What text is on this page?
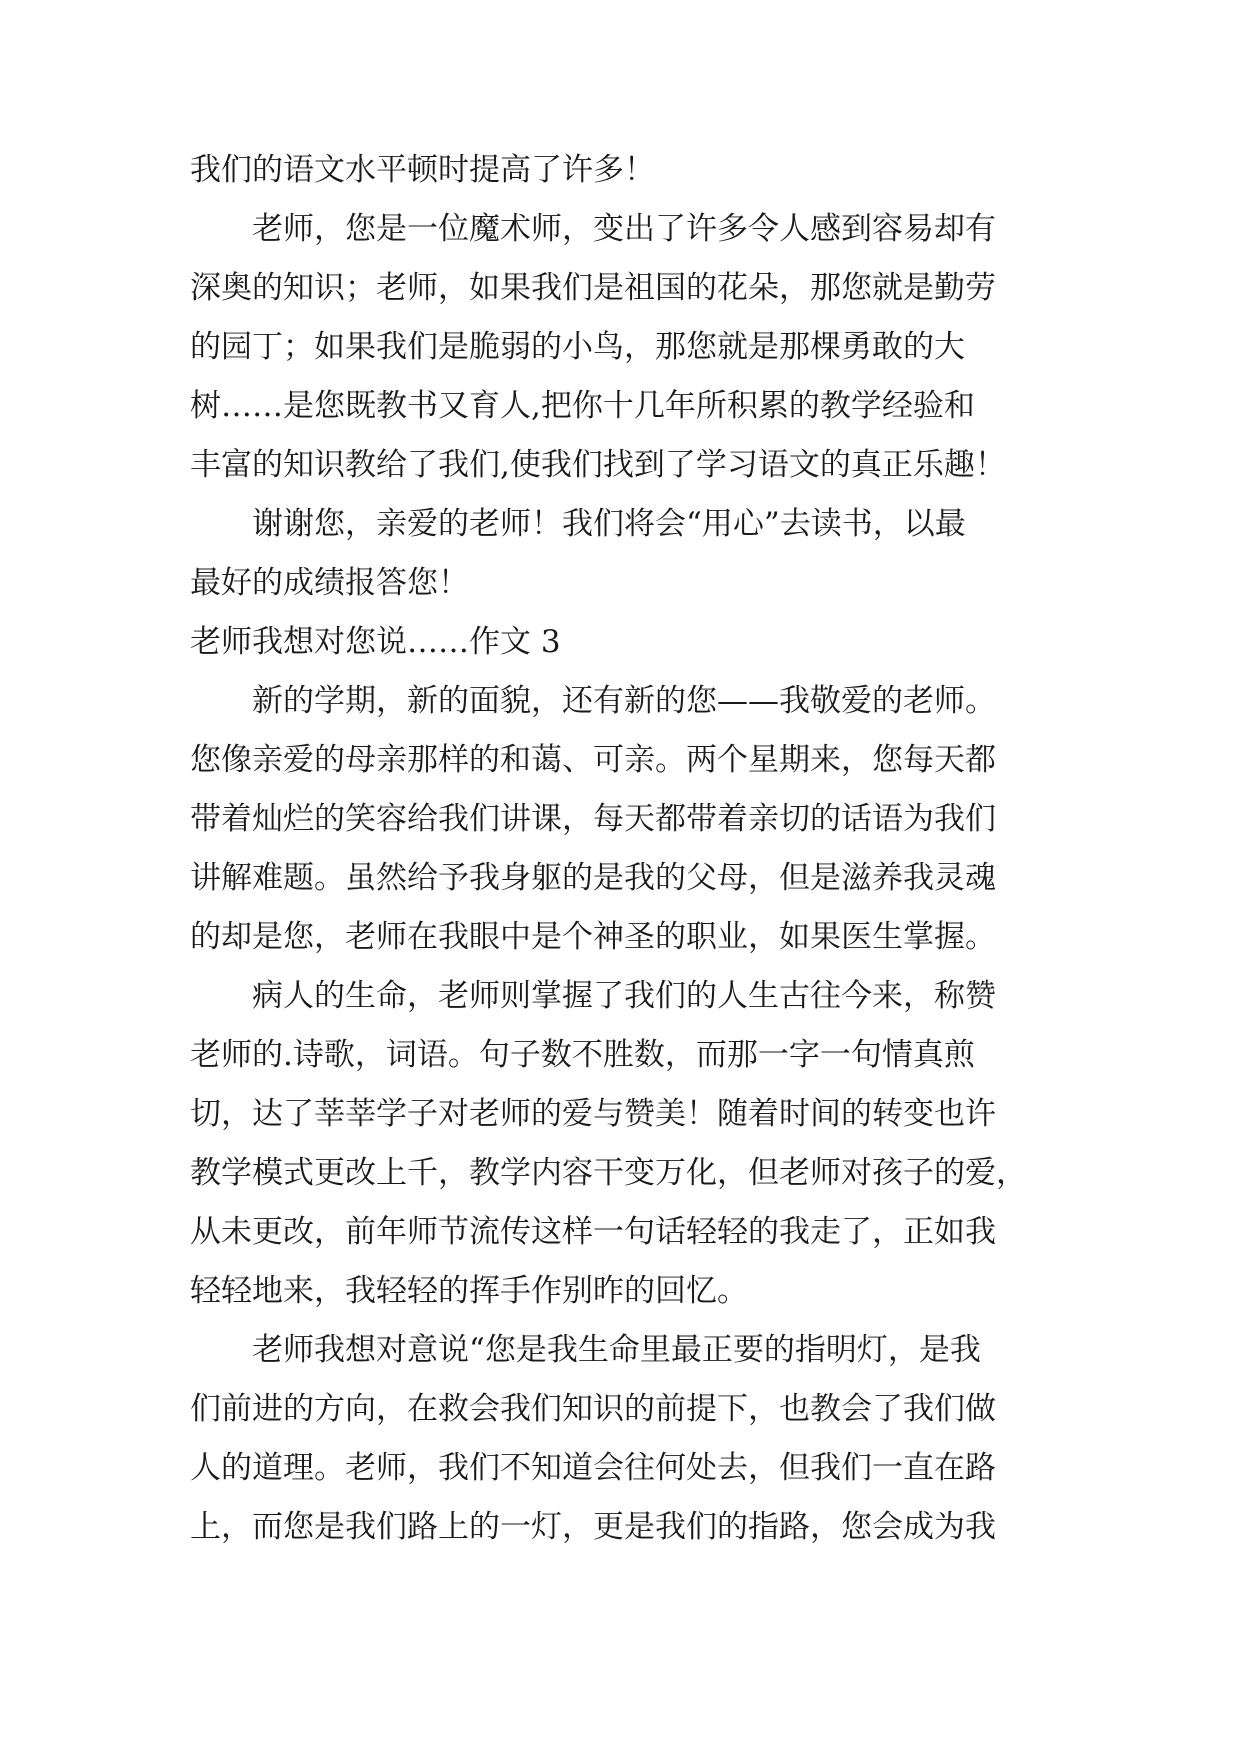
我们的语文水平顿时提高了许多！
老师，您是一位魔术师，变出了许多令人感到容易却有
深奥的知识；老师，如果我们是祖国的花朵，那您就是勤劳
的园丁；如果我们是脆弱的小鸟，那您就是那棵勇敢的大
树……是您既教书又育人,把你十几年所积累的教学经验和
丰富的知识教给了我们,使我们找到了学习语文的真正乐趣！
谢谢您，亲爱的老师！我们将会“用心”去读书，以最
最好的成绩报答您！
老师我想对您说……作文 3
新的学期，新的面貌，还有新的您——我敬爱的老师。
您像亲爱的母亲那样的和蔼、可亲。两个星期来，您每天都
带着灿烂的笑容给我们讲课，每天都带着亲切的话语为我们
讲解难题。虽然给予我身躯的是我的父母，但是滋养我灵魂
的却是您，老师在我眼中是个神圣的职业，如果医生掌握。
病人的生命，老师则掌握了我们的人生古往今来，称赞
老师的.诗歌，词语。句子数不胜数，而那一字一句情真煎
切，达了莘莘学子对老师的爱与赞美！随着时间的转变也许
教学模式更改上千，教学内容干变万化，但老师对孩子的爱，
从未更改，前年师节流传这样一句话轻轻的我走了，正如我
轻轻地来，我轻轻的挥手作别昨的回忆。
老师我想对意说“您是我生命里最正要的指明灯，是我
们前进的方向，在救会我们知识的前提下，也教会了我们做
人的道理。老师，我们不知道会往何处去，但我们一直在路
上，而您是我们路上的一灯，更是我们的指路，您会成为我
